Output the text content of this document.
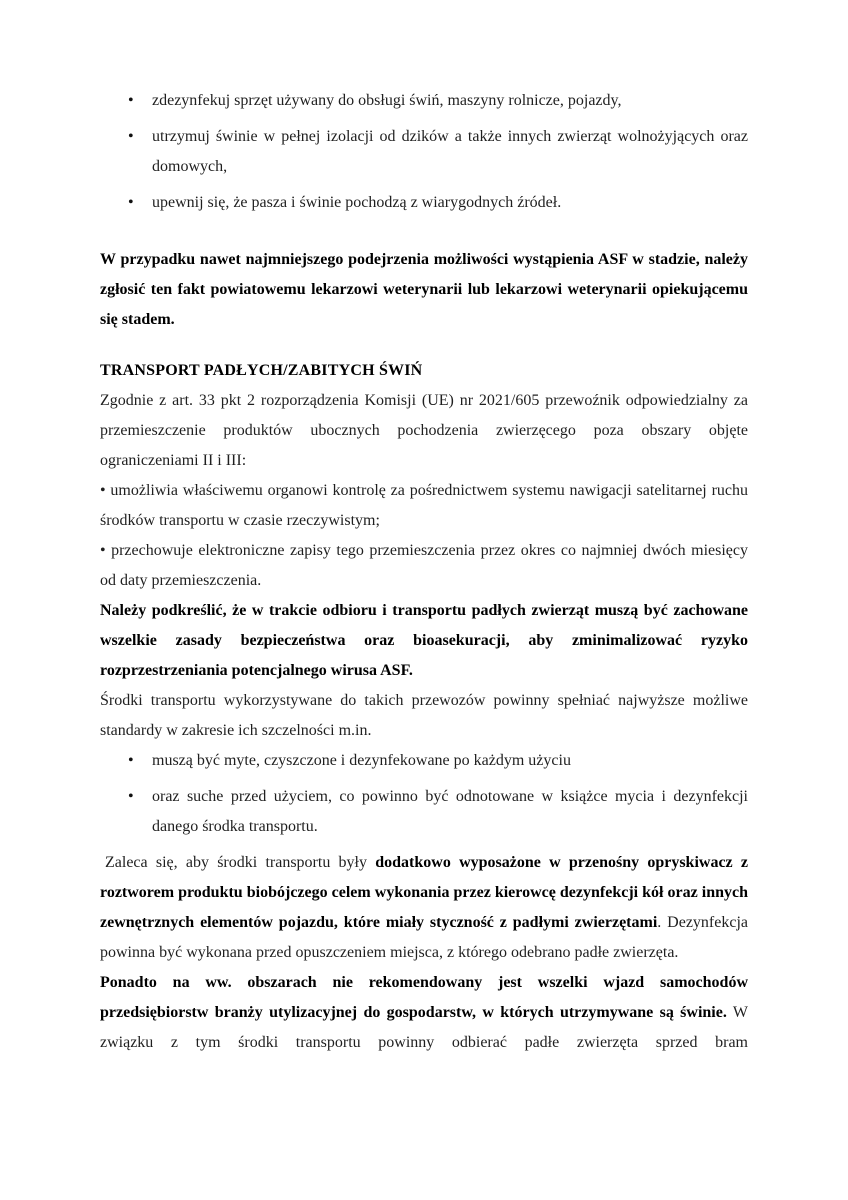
• zdezynfekuj sprzęt używany do obsługi świń, maszyny rolnicze, pojazdy,
• utrzymuj świnie w pełnej izolacji od dzików a także innych zwierząt wolnożyjących oraz domowych,
• upewnij się, że pasza i świnie pochodzą z wiarygodnych źródeł.

W przypadku nawet najmniejszego podejrzenia możliwości wystąpienia ASF w stadzie, należy zgłosić ten fakt powiatowemu lekarzowi weterynarii lub lekarzowi weterynarii opiekującemu się stadem.

TRANSPORT PADŁYCH/ZABITYCH ŚWIŃ

Zgodnie z art. 33 pkt 2 rozporządzenia Komisji (UE) nr 2021/605 przewoźnik odpowiedzialny za przemieszczenie produktów ubocznych pochodzenia zwierzęcego poza obszary objęte ograniczeniami II i III:

• umożliwia właściwemu organowi kontrolę za pośrednictwem systemu nawigacji satelitarnej ruchu środków transportu w czasie rzeczywistym;

• przechowuje elektroniczne zapisy tego przemieszczenia przez okres co najmniej dwóch miesięcy od daty przemieszczenia.

Należy podkreślić, że w trakcie odbioru i transportu padłych zwierząt muszą być zachowane wszelkie zasady bezpieczeństwa oraz bioasekuracji, aby zminimalizować ryzyko rozprzestrzeniania potencjalnego wirusa ASF.

Środki transportu wykorzystywane do takich przewozów powinny spełniać najwyższe możliwe standardy w zakresie ich szczelności m.in.

• muszą być myte, czyszczone i dezynfekowane po każdym użyciu
• oraz suche przed użyciem, co powinno być odnotowane w książce mycia i dezynfekcji danego środka transportu.

Zaleca się, aby środki transportu były dodatkowo wyposażone w przenośny opryskiwacz z roztworem produktu biobójczego celem wykonania przez kierowcę dezynfekcji kół oraz innych zewnętrznych elementów pojazdu, które miały styczność z padłymi zwierzętami. Dezynfekcja powinna być wykonana przed opuszczeniem miejsca, z którego odebrano padłe zwierzęta.

Ponadto na ww. obszarach nie rekomendowany jest wszelki wjazd samochodów przedsiębiorstw branży utylizacyjnej do gospodarstw, w których utrzymywane są świnie. W związku z tym środki transportu powinny odbierać padłe zwierzęta sprzed bram
